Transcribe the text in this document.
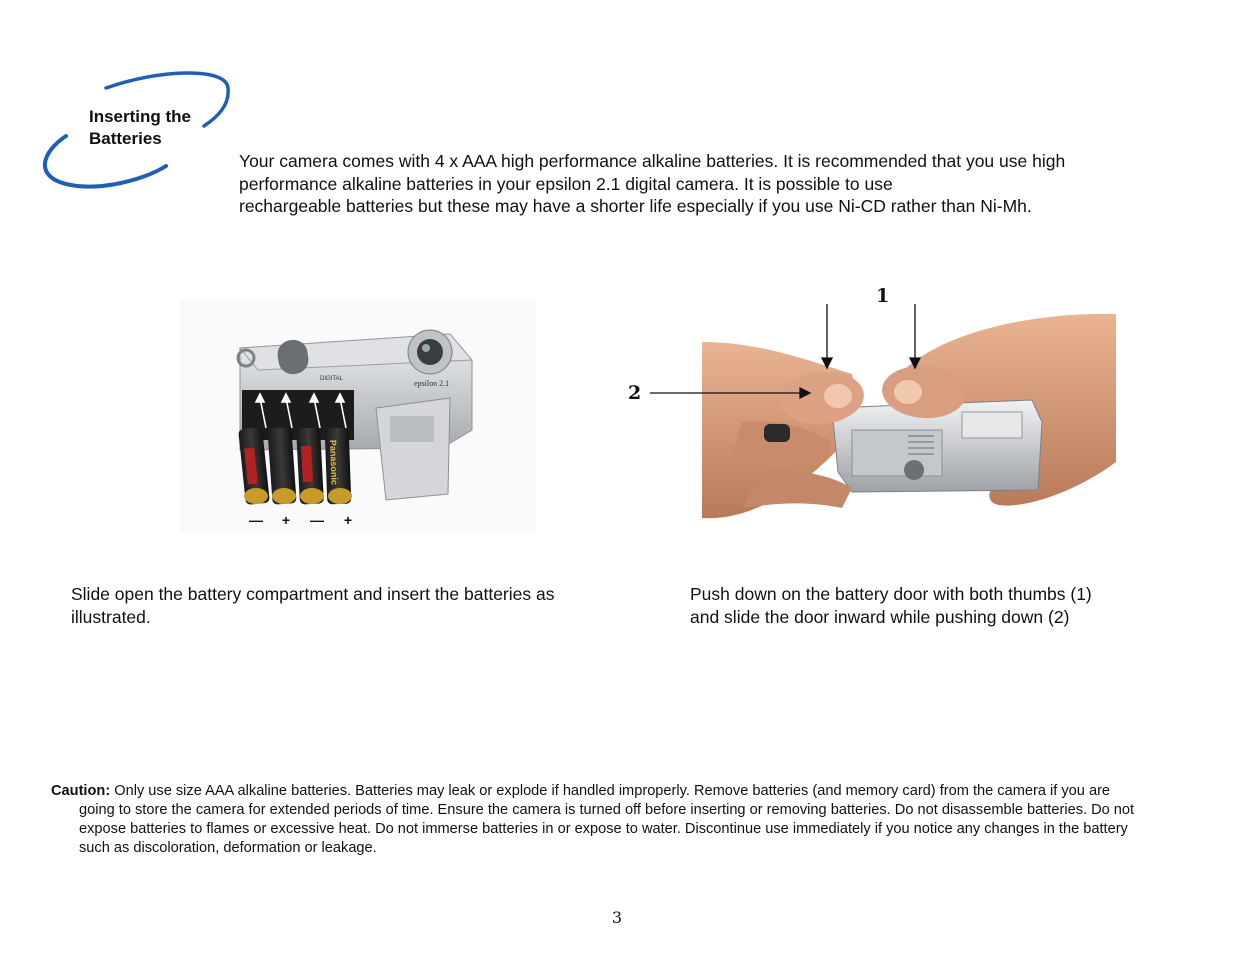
Inserting the
Batteries
Your camera comes with 4 x AAA high performance alkaline batteries. It is recommended that you use high
performance alkaline batteries in your epsilon 2.1 digital camera. It is possible to use
rechargeable batteries but these may have a shorter life especially if you use Ni-CD rather than Ni-Mh.
DIGITAL	epsilon 2.1
Panasonic
— + — +
1
2
Slide open the battery compartment and insert the batteries as
illustrated.
Push down on the battery door with both thumbs (1)
and slide the door inward while pushing down (2)
Caution: Only use size AAA alkaline batteries. Batteries may leak or explode if handled improperly. Remove batteries (and memory card) from the camera if you are
going to store the camera for extended periods of time. Ensure the camera is turned off before inserting or removing batteries. Do not disassemble batteries. Do not
expose batteries to flames or excessive heat. Do not immerse batteries in or expose to water. Discontinue use immediately if you notice any changes in the battery
such as discoloration, deformation or leakage.
3
